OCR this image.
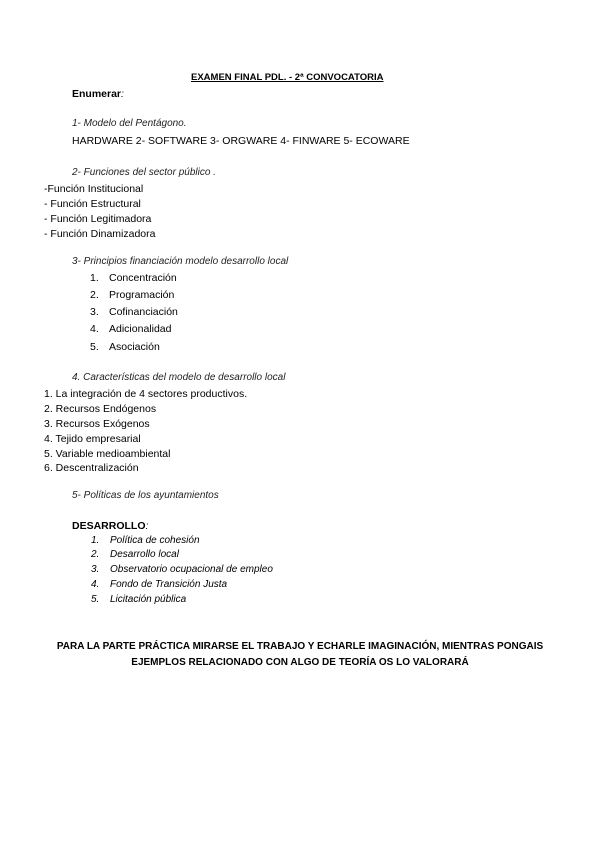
EXAMEN FINAL PDL. - 2ª CONVOCATORIA
Enumerar:
1- Modelo del Pentágono.
HARDWARE 2- SOFTWARE 3- ORGWARE 4- FINWARE 5- ECOWARE
2- Funciones del sector público .
-Función Institucional
- Función Estructural
- Función Legitimadora
- Función Dinamizadora
3- Principios financiación modelo desarrollo local
1. Concentración
2. Programación
3. Cofinanciación
4. Adicionalidad
5. Asociación
4. Características del modelo de desarrollo local
1. La integración de 4 sectores productivos.
2. Recursos Endógenos
3. Recursos Exógenos
4. Tejido empresarial
5. Variable medioambiental
6. Descentralización
5- Políticas de los ayuntamientos
DESARROLLO:
1. Política de cohesión
2. Desarrollo local
3. Observatorio ocupacional de empleo
4. Fondo de Transición Justa
5. Licitación pública
PARA LA PARTE PRÁCTICA MIRARSE EL TRABAJO Y ECHARLE IMAGINACIÓN, MIENTRAS PONGAIS
EJEMPLOS RELACIONADO CON ALGO DE TEORÍA OS LO VALORARÁ
